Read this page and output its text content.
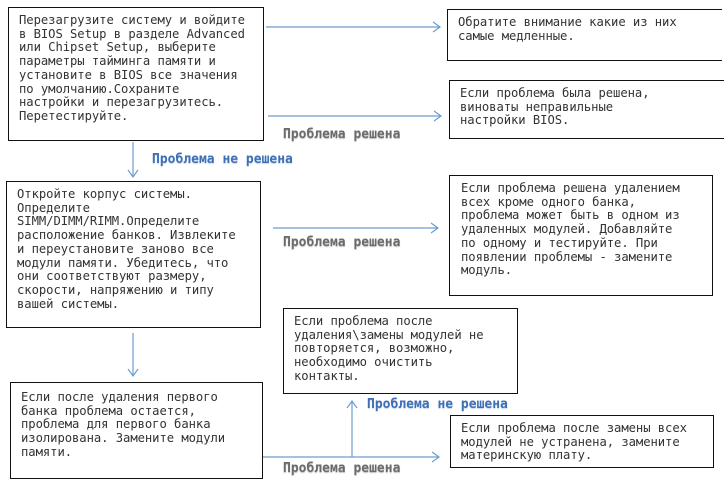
Перезагрузите систему и войдите
в BIOS Setup в разделе Advanced
или Chipset Setup, выберите
параметры тайминга памяти и
установите в BIOS все значения
по умолчанию.Сохраните
настройки и перезагрузитесь.
Перетестируйте.
Обратите внимание какие из них
самые медленные.
Если проблема была решена,
виноваты неправильные
настройки BIOS.
Откройте корпус системы.
Определите
SIMM/DIMM/RIMM.Определите
расположение банков. Извлеките
и переустановите заново все
модули памяти. Убедитесь, что
они соответствуют размеру,
скорости, напряжению и типу
вашей системы.
Если проблема решена удалением
всех кроме одного банка,
проблема может быть в одном из
удаленных модулей. Добавляйте
по одному и тестируйте. При
появлении проблемы - замените
модуль.
Если проблема после
удаления\замены модулей не
повторяется, возможно,
необходимо очистить
контакты.
Если после удаления первого
банка проблема остается,
проблема для первого банка
изолирована. Замените модули
памяти.
Если проблема после замены всех
модулей не устранена, замените
материнскую плату.
Проблема решена
Проблема не решена
Проблема решена
Проблема не решена
Проблема решена
